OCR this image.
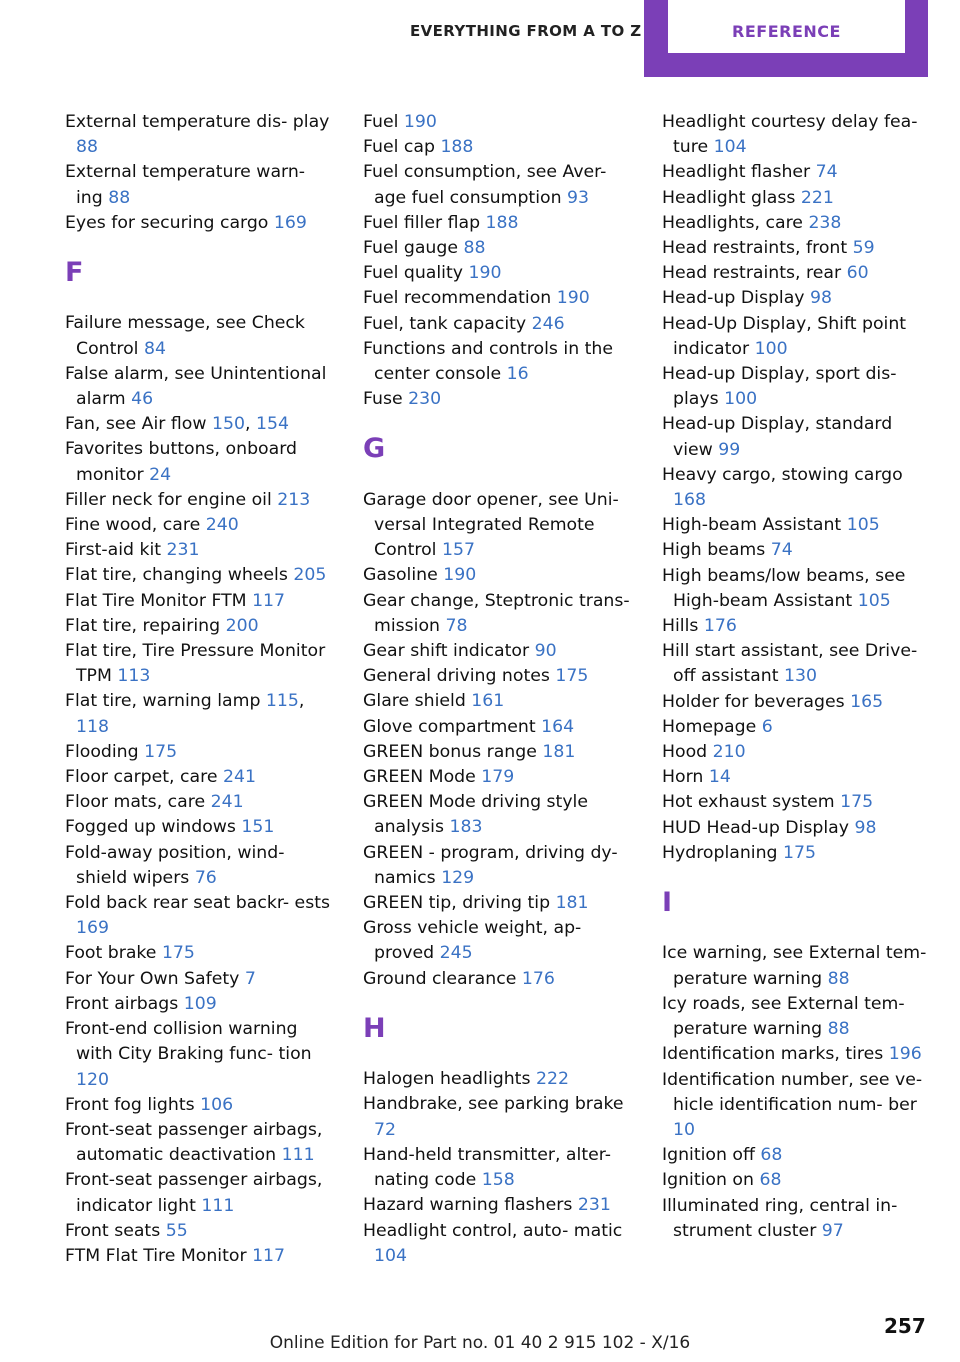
EVERYTHING FROM A TO Z	REFERENCE
External temperature dis- play 88
External temperature warn- ing 88
Eyes for securing cargo 169
F
Failure message, see Check Control 84
False alarm, see Unintentional alarm 46
Fan, see Air flow 150, 154
Favorites buttons, onboard monitor 24
Filler neck for engine oil 213
Fine wood, care 240
First-aid kit 231
Flat tire, changing wheels 205
Flat Tire Monitor FTM 117
Flat tire, repairing 200
Flat tire, Tire Pressure Monitor TPM 113
Flat tire, warning lamp 115, 118
Flooding 175
Floor carpet, care 241
Floor mats, care 241
Fogged up windows 151
Fold-away position, wind- shield wipers 76
Fold back rear seat backr- ests 169
Foot brake 175
For Your Own Safety 7
Front airbags 109
Front-end collision warning with City Braking func- tion 120
Front fog lights 106
Front-seat passenger airbags, automatic deactivation 111
Front-seat passenger airbags, indicator light 111
Front seats 55
FTM Flat Tire Monitor 117
Fuel 190
Fuel cap 188
Fuel consumption, see Aver- age fuel consumption 93
Fuel filler flap 188
Fuel gauge 88
Fuel quality 190
Fuel recommendation 190
Fuel, tank capacity 246
Functions and controls in the center console 16
Fuse 230
G
Garage door opener, see Uni- versal Integrated Remote Control 157
Gasoline 190
Gear change, Steptronic trans- mission 78
Gear shift indicator 90
General driving notes 175
Glare shield 161
Glove compartment 164
GREEN bonus range 181
GREEN Mode 179
GREEN Mode driving style analysis 183
GREEN - program, driving dy- namics 129
GREEN tip, driving tip 181
Gross vehicle weight, ap- proved 245
Ground clearance 176
H
Halogen headlights 222
Handbrake, see parking brake 72
Hand-held transmitter, alter- nating code 158
Hazard warning flashers 231
Headlight control, auto- matic 104
Headlight courtesy delay fea- ture 104
Headlight flasher 74
Headlight glass 221
Headlights, care 238
Head restraints, front 59
Head restraints, rear 60
Head-up Display 98
Head-Up Display, Shift point indicator 100
Head-up Display, sport dis- plays 100
Head-up Display, standard view 99
Heavy cargo, stowing cargo 168
High-beam Assistant 105
High beams 74
High beams/low beams, see High-beam Assistant 105
Hills 176
Hill start assistant, see Drive- off assistant 130
Holder for beverages 165
Homepage 6
Hood 210
Horn 14
Hot exhaust system 175
HUD Head-up Display 98
Hydroplaning 175
I
Ice warning, see External tem- perature warning 88
Icy roads, see External tem- perature warning 88
Identification marks, tires 196
Identification number, see ve- hicle identification num- ber 10
Ignition off 68
Ignition on 68
Illuminated ring, central in- strument cluster 97
257
Online Edition for Part no. 01 40 2 915 102 - X/16
